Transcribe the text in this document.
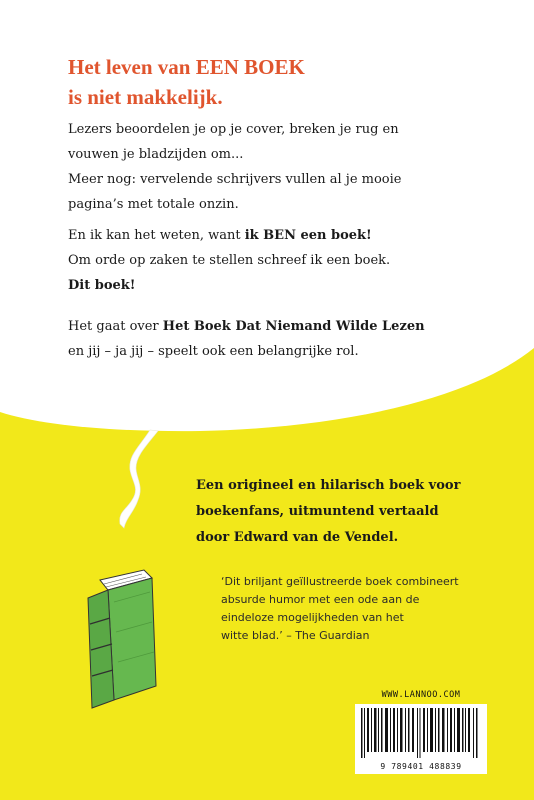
Het leven van EEN BOEK
is niet makkelijk.
Lezers beoordelen je op je cover, breken je rug en
vouwen je bladzijden om...
Meer nog: vervelende schrijvers vullen al je mooie
pagina’s met totale onzin.
En ik kan het weten, want ik BEN een boek!
Om orde op zaken te stellen schreef ik een boek.
Dit boek!
Het gaat over Het Boek Dat Niemand Wilde Lezen
en jij – ja jij – speelt ook een belangrijke rol.
Een origineel en hilarisch boek voor
boekenfans, uitmuntend vertaald
door Edward van de Vendel.
‘Dit briljant geïllustreerde boek combineert
absurde humor met een ode aan de
eindeloze mogelijkheden van het
witte blad.’ – The Guardian
WWW.LANNOO.COM
9 789401 488839
